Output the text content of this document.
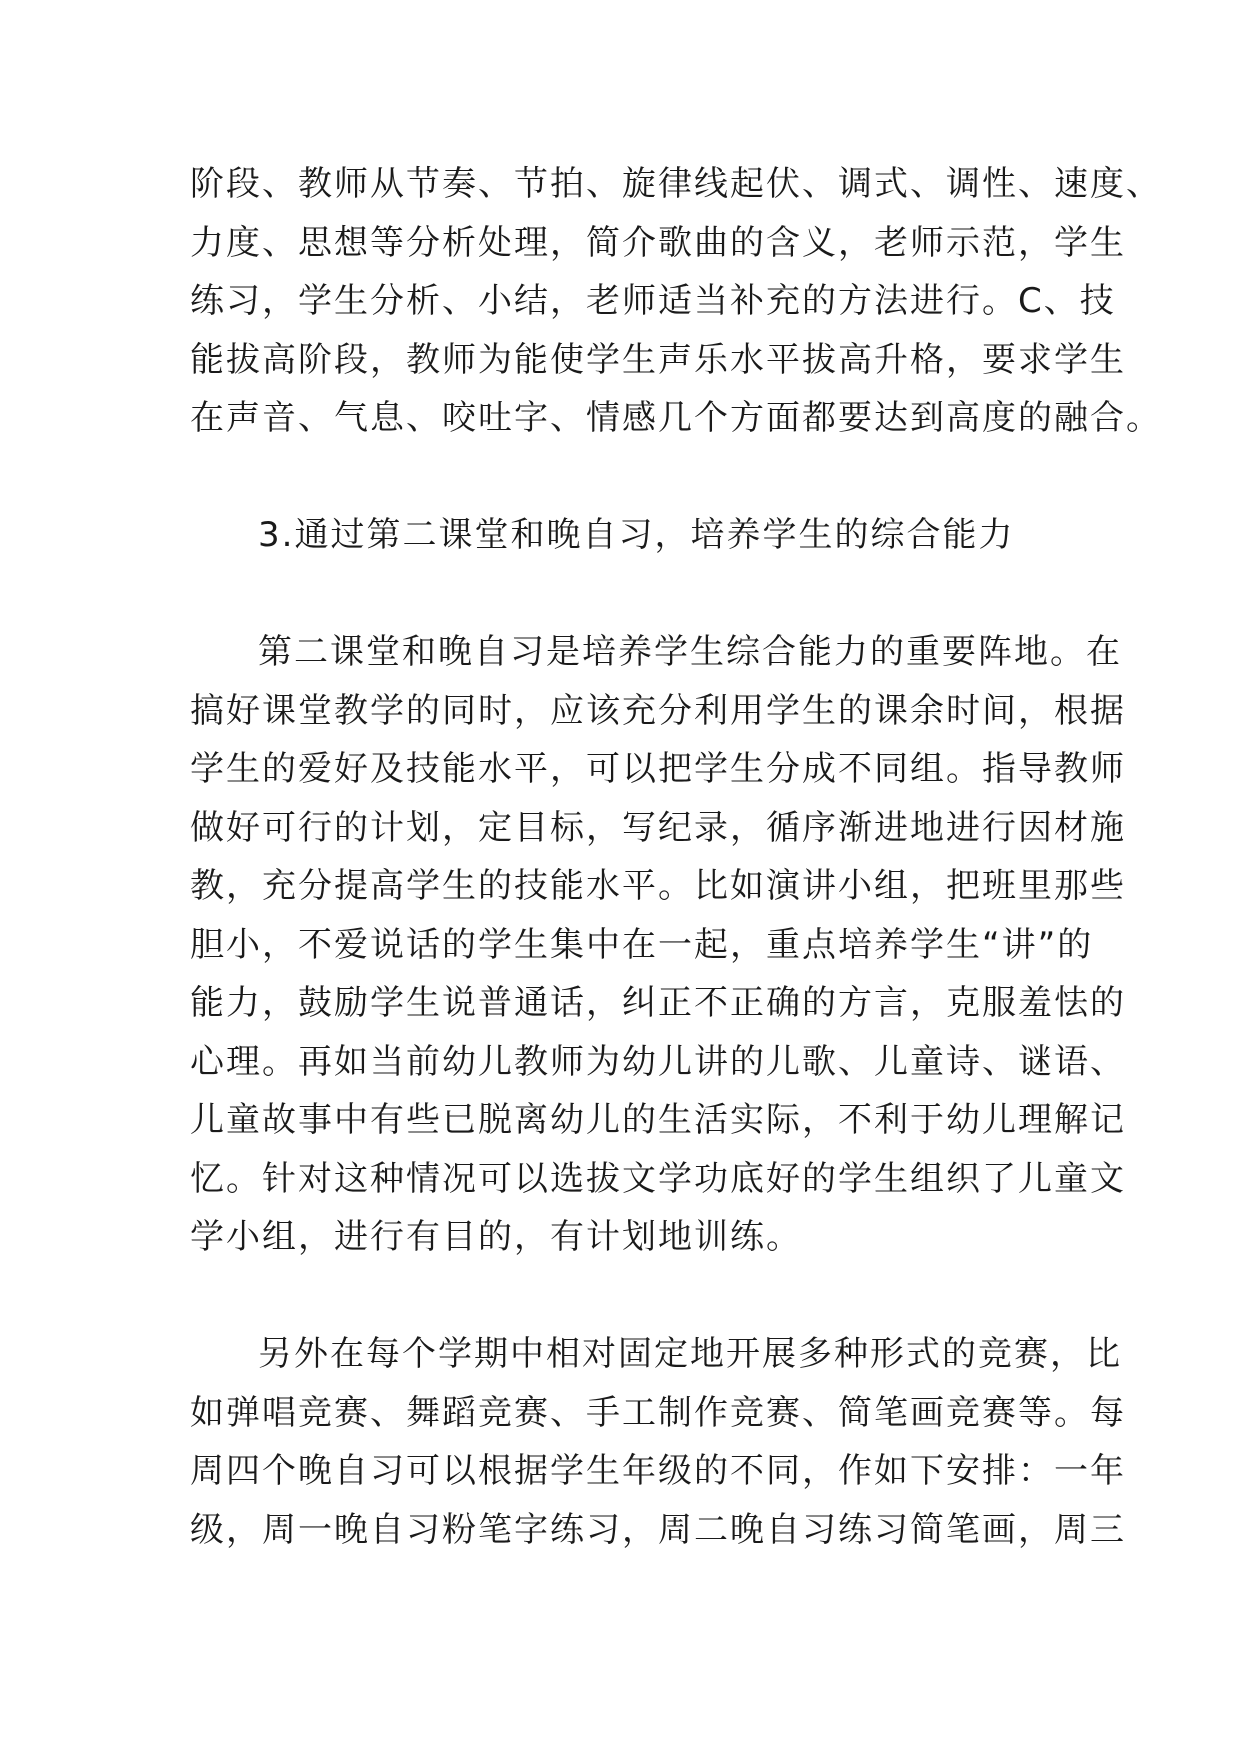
阶段、教师从节奏、节拍、旋律线起伏、调式、调性、速度、
力度、思想等分析处理，简介歌曲的含义，老师示范，学生
练习，学生分析、小结，老师适当补充的方法进行。C、技
能拔高阶段，教师为能使学生声乐水平拔高升格，要求学生
在声音、气息、咬吐字、情感几个方面都要达到高度的融合。
3.通过第二课堂和晚自习，培养学生的综合能力
第二课堂和晚自习是培养学生综合能力的重要阵地。在
搞好课堂教学的同时，应该充分利用学生的课余时间，根据
学生的爱好及技能水平，可以把学生分成不同组。指导教师
做好可行的计划，定目标，写纪录，循序渐进地进行因材施
教，充分提高学生的技能水平。比如演讲小组，把班里那些
胆小，不爱说话的学生集中在一起，重点培养学生“讲”的
能力，鼓励学生说普通话，纠正不正确的方言，克服羞怯的
心理。再如当前幼儿教师为幼儿讲的儿歌、儿童诗、谜语、
儿童故事中有些已脱离幼儿的生活实际，不利于幼儿理解记
忆。针对这种情况可以选拔文学功底好的学生组织了儿童文
学小组，进行有目的，有计划地训练。
另外在每个学期中相对固定地开展多种形式的竞赛，比
如弹唱竞赛、舞蹈竞赛、手工制作竞赛、简笔画竞赛等。每
周四个晚自习可以根据学生年级的不同，作如下安排：一年
级，周一晚自习粉笔字练习，周二晚自习练习简笔画，周三
